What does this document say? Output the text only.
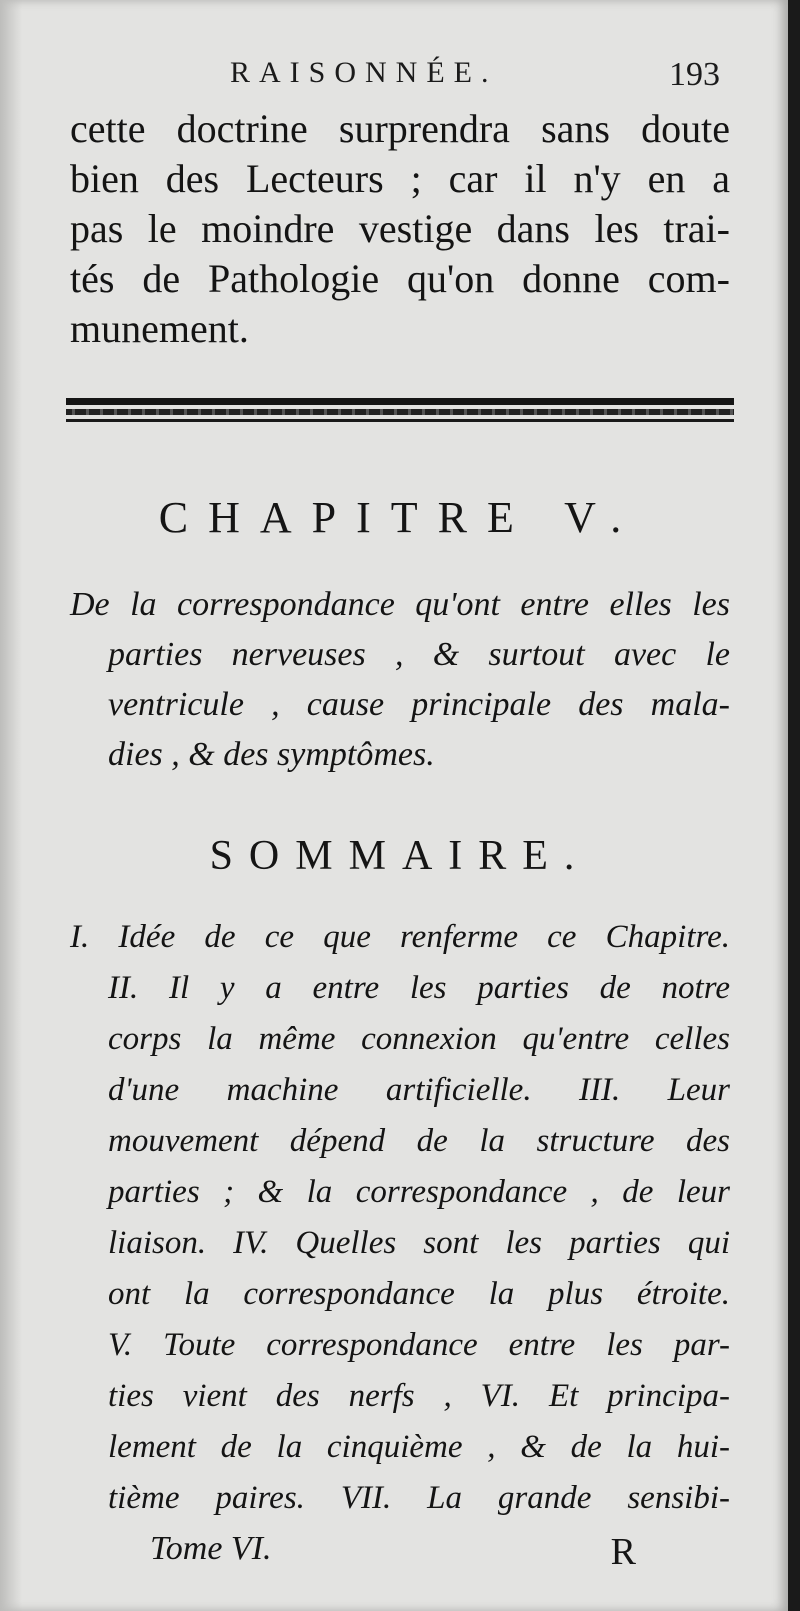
RAISONNÉE.	193
cette doctrine surprendra sans doute
bien des Lecteurs ; car il n'y en a
pas le moindre vestige dans les trai-
tés de Pathologie qu'on donne com-
munement.
CHAPITRE V.
De la correspondance qu'ont entre elles les
parties nerveuses , & surtout avec le
ventricule , cause principale des mala-
dies , & des symptômes.
SOMMAIRE.
I. Idée de ce que renferme ce Chapitre.
II. Il y a entre les parties de notre
corps la même connexion qu'entre celles
d'une machine artificielle. III. Leur
mouvement dépend de la structure des
parties ; & la correspondance , de leur
liaison. IV. Quelles sont les parties qui
ont la correspondance la plus étroite.
V. Toute correspondance entre les par-
ties vient des nerfs , VI. Et principa-
lement de la cinquième , & de la hui-
tième paires. VII. La grande sensibi-
Tome VI.	R
